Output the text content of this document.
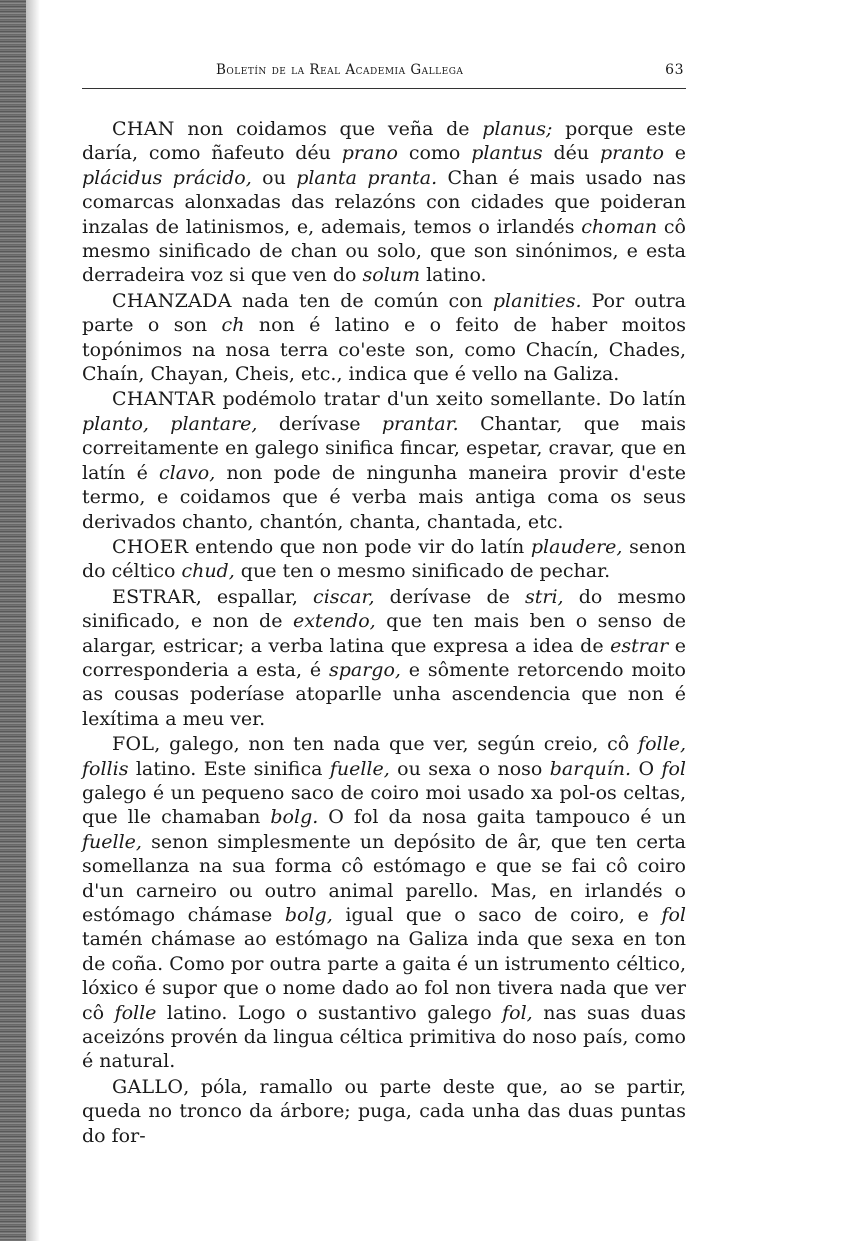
Boletín de la Real Academia Gallega	63

CHAN non coidamos que veña de planus; porque este daría, como ñafeuto déu prano como plantus déu pranto e plácidus prácido, ou planta pranta. Chan é mais usado nas comarcas alonxadas das relazóns con cidades que poideran inzalas de latinismos, e, ademais, temos o irlandés choman cô mesmo sinificado de chan ou solo, que son sinónimos, e esta derradeira voz si que ven do solum latino.

CHANZADA nada ten de común con planities. Por outra parte o son ch non é latino e o feito de haber moitos topónimos na nosa terra co'este son, como Chacín, Chades, Chaín, Chayan, Cheis, etc., indica que é vello na Galiza.

CHANTAR podémolo tratar d'un xeito somellante. Do latín planto, plantare, derívase prantar. Chantar, que mais correitamente en galego sinifica fincar, espetar, cravar, que en latín é clavo, non pode de ningunha maneira provir d'este termo, e coidamos que é verba mais antiga coma os seus derivados chanto, chantón, chanta, chantada, etc.

CHOER entendo que non pode vir do latín plaudere, senon do céltico chud, que ten o mesmo sinificado de pechar.

ESTRAR, espallar, ciscar, derívase de stri, do mesmo sinificado, e non de extendo, que ten mais ben o senso de alargar, estricar; a verba latina que expresa a idea de estrar e corresponderia a esta, é spargo, e sômente retorcendo moito as cousas poderíase atoparlle unha ascendencia que non é lexítima a meu ver.

FOL, galego, non ten nada que ver, según creio, cô folle, follis latino. Este sinifica fuelle, ou sexa o noso barquín. O fol galego é un pequeno saco de coiro moi usado xa pol-os celtas, que lle chamaban bolg. O fol da nosa gaita tampouco é un fuelle, senon simplesmente un depósito de âr, que ten certa somellanza na sua forma cô estómago e que se fai cô coiro d'un carneiro ou outro animal parello. Mas, en irlandés o estómago chámase bolg, igual que o saco de coiro, e fol tamén chámase ao estómago na Galiza inda que sexa en ton de coña. Como por outra parte a gaita é un istrumento céltico, lóxico é supor que o nome dado ao fol non tivera nada que ver cô folle latino. Logo o sustantivo galego fol, nas suas duas aceizóns provén da lingua céltica primitiva do noso país, como é natural.

GALLO, póla, ramallo ou parte deste que, ao se partir, queda no tronco da árbore; puga, cada unha das duas puntas do for-
